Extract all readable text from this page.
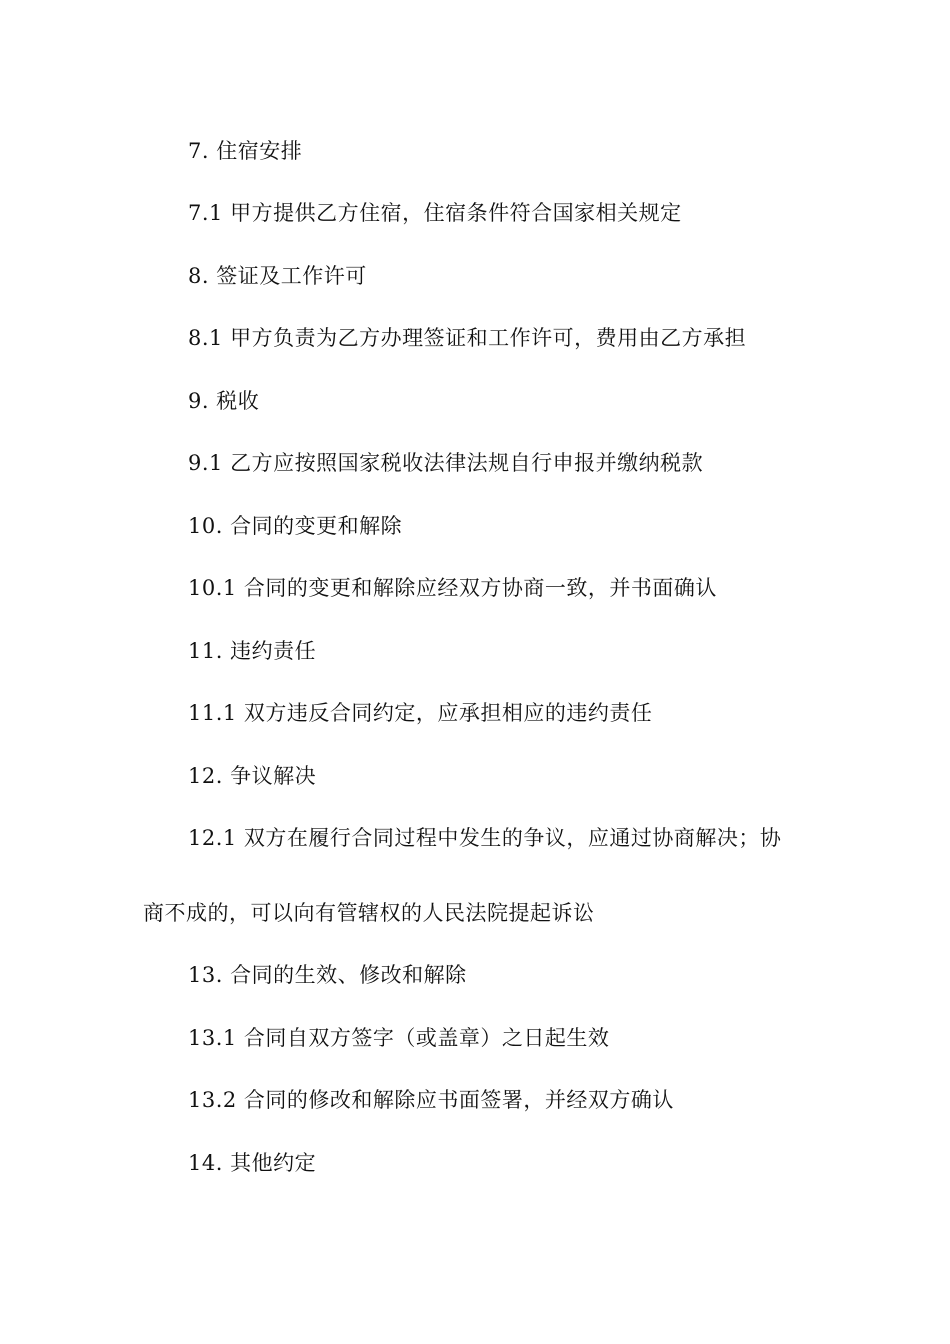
7. 住宿安排
7.1 甲方提供乙方住宿，住宿条件符合国家相关规定
8. 签证及工作许可
8.1 甲方负责为乙方办理签证和工作许可，费用由乙方承担
9. 税收
9.1 乙方应按照国家税收法律法规自行申报并缴纳税款
10. 合同的变更和解除
10.1 合同的变更和解除应经双方协商一致，并书面确认
11. 违约责任
11.1 双方违反合同约定，应承担相应的违约责任
12. 争议解决
12.1 双方在履行合同过程中发生的争议，应通过协商解决；协
商不成的，可以向有管辖权的人民法院提起诉讼
13. 合同的生效、修改和解除
13.1 合同自双方签字（或盖章）之日起生效
13.2 合同的修改和解除应书面签署，并经双方确认
14. 其他约定
